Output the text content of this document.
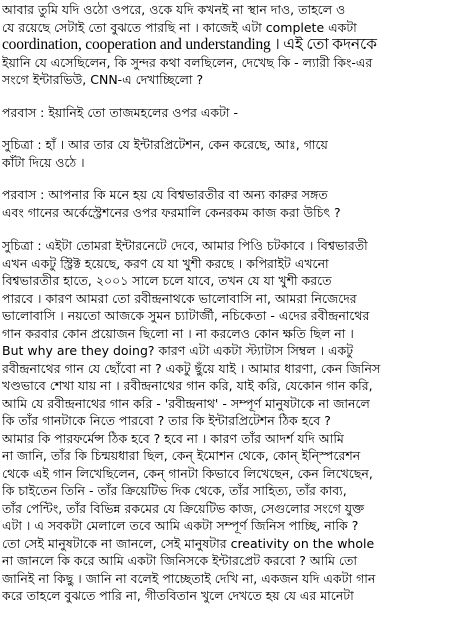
আবার তুমি যদি ওঠো ওপরে, ওকে যদি কখনই না স্থান দাও, তাহলে ও
যে রয়েছে সেটাই তো বুঝতে পারছি না । কাজেই এটা complete একটা
coordination, cooperation and understanding । এই তো কদনকে
ইয়ানি যে এসেছিলেন, কি সুন্দর কথা বলছিলেন, দেখেছ কি - ল্যারী কিং-এর
সংগে ইন্টারভিউ, CNN-এ দেখাচ্ছিলো ?
পরবাস : ইয়ানিই তো তাজমহলের ওপর একটা -
সুচিত্রা : হাঁ । আর তার যে ইন্টারপ্রিটেশন, কেন করেছে, আঃ, গায়ে
কাঁটা দিয়ে ওঠে ।
পরবাস : আপনার কি মনে হয় যে বিশ্বভারতীর বা অন্য কারুর সঙ্গত
এবং গানের অর্কেস্ট্রেশনের ওপর ফরমালি কেনরকম কাজ করা উচিৎ ?
সুচিত্রা : এইটা তোমরা ইন্টারনেটে দেবে, আমার পিওি চটকাবে । বিশ্বভারতী
এখন একটু স্ট্রিক্ট হয়েছে, করণ যে যা খুশী করছে । কপিরাইট এখনো
বিশ্বভারতীর হাতে, ২০০১ সালে চলে যাবে, তখন যে যা খুশী করতে
পারবে । কারণ আমরা তো রবীন্দ্রনাথকে ভালোবাসি না, আমরা নিজেদের
ভালোবাসি । নয়তো আজকে সুমন চ্যাটার্জী, নচিকেতা - এদের রবীন্দ্রনাথের
গান করবার কোন প্রয়োজন ছিলো না । না করলেও কোন ক্ষতি ছিল না ।
But why are they doing? কারণ এটা একটা স্ট্যাটাস সিম্বল । একটু
রবীন্দ্রনাথের গান যে ছোঁবো না ? একটু ছুঁয়ে যাই । আমার ধারণা, কেন জিনিস
খণ্ডভাবে শেখা যায় না । রবীন্দ্রনাথের গান করি, যাই করি, যেকোন গান করি,
আমি যে রবীন্দ্রনাথের গান করি - 'রবীন্দ্রনাথ' - সম্পূর্ণ মানুষটাকে না জানলে
কি তাঁর গানটাকে নিতে পারবো ? তার কি ইন্টারপ্রিটেশন ঠিক হবে ?
আমার কি পারফর্মেন্স ঠিক হবে ? হবে না । কারণ তাঁর আদর্শ যদি আমি
না জানি, তাঁর কি চিন্ময়ধারা ছিল, কেন্ ইমোশন থেকে, কোন্ ইন্স্পিরেশন
থেকে এই গান লিখেছিলেন, কেন্ গানটা কিভাবে লিখেছেন, কেন লিখেছেন,
কি চাইতেন তিনি - তাঁর ক্রিয়েটিভ দিক থেকে, তাঁর সাহিত্য, তাঁর কাব্য,
তাঁর পেন্টিং, তাঁর বিভিন্ন রকমের যে ক্রিয়েটিভ কাজ, সেগুলোর সংগে যুক্ত
এটা । এ সবকটা মেলালে তবে আমি একটা সম্পূর্ণ জিনিস পাচ্ছি, নাকি ?
তো সেই মানুষটাকে না জানলে, সেই মানুষটার creativity on the whole
না জানলে কি করে আমি একটা জিনিসকে ইন্টারপ্রেট করবো ? আমি তো
জানিই না কিছু । জানি না বলেই পাচ্ছেতাই দেখি না, একজন যদি একটা গান
করে তাহলে বুঝতে পারি না, গীতবিতান খুলে দেখতে হয় যে এর মানেটা
